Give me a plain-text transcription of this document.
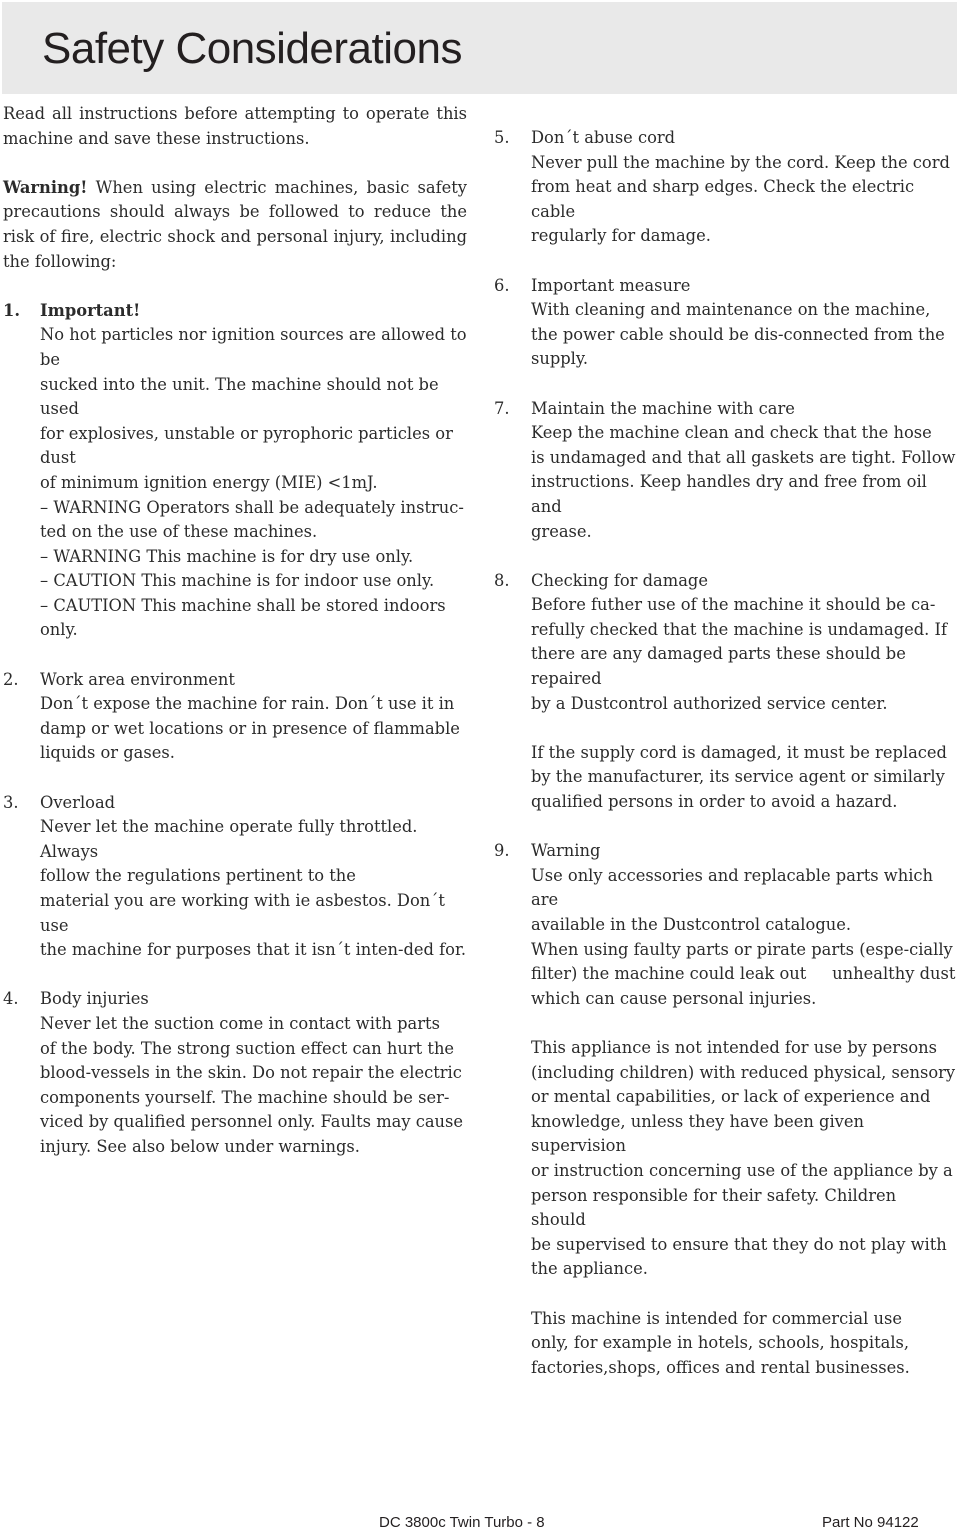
Safety Considerations

Read all instructions before attempting to operate this machine and save these instructions.

Warning! When using electric machines, basic safety precautions should always be followed to reduce the risk of fire, electric shock and personal injury, including the following:

1. Important!
No hot particles nor ignition sources are allowed to be
sucked into the unit. The machine should not be used
for explosives, unstable or pyrophoric particles or dust
of minimum ignition energy (MIE) <1mJ.
– WARNING Operators shall be adequately instruc-
ted on the use of these machines.
– WARNING This machine is for dry use only.
– CAUTION This machine is for indoor use only.
– CAUTION This machine shall be stored indoors
only.
2. Work area environment
Don´t expose the machine for rain. Don´t use it in
damp or wet locations or in presence of flammable
liquids or gases.
3. Overload
Never let the machine operate fully throttled. Always
follow the regulations pertinent to the
material you are working with ie asbestos. Don´t use
the machine for purposes that it isn´t inten-ded for.
4. Body injuries
Never let the suction come in contact with parts
of the body. The strong suction effect can hurt the
blood-vessels in the skin. Do not repair the electric
components yourself. The machine should be ser-
viced by qualified personnel only. Faults may cause
injury. See also below under warnings.
5. Don´t abuse cord
Never pull the machine by the cord. Keep the cord
from heat and sharp edges. Check the electric cable
regularly for damage.
6. Important measure
With cleaning and maintenance on the machine,
the power cable should be dis-connected from the
supply.
7. Maintain the machine with care
Keep the machine clean and check that the hose
is undamaged and that all gaskets are tight. Follow
instructions. Keep handles dry and free from oil and
grease.
8. Checking for damage
Before futher use of the machine it should be ca-
refully checked that the machine is undamaged. If
there are any damaged parts these should be repaired
by a Dustcontrol authorized service center.
If the supply cord is damaged, it must be replaced
by the manufacturer, its service agent or similarly
qualified persons in order to avoid a hazard.
9. Warning
Use only accessories and replacable parts which are
available in the Dustcontrol catalogue.
When using faulty parts or pirate parts (espe-cially
filter) the machine could leak out     unhealthy dust
which can cause personal injuries.
This appliance is not intended for use by persons
(including children) with reduced physical, sensory
or mental capabilities, or lack of experience and
knowledge, unless they have been given supervision
or instruction concerning use of the appliance by a
person responsible for their safety. Children should
be supervised to ensure that they do not play with
the appliance.
This machine is intended for commercial use
only, for example in hotels, schools, hospitals,
factories,shops, offices and rental businesses.
DC 3800c Twin Turbo - 8	Part No 94122
